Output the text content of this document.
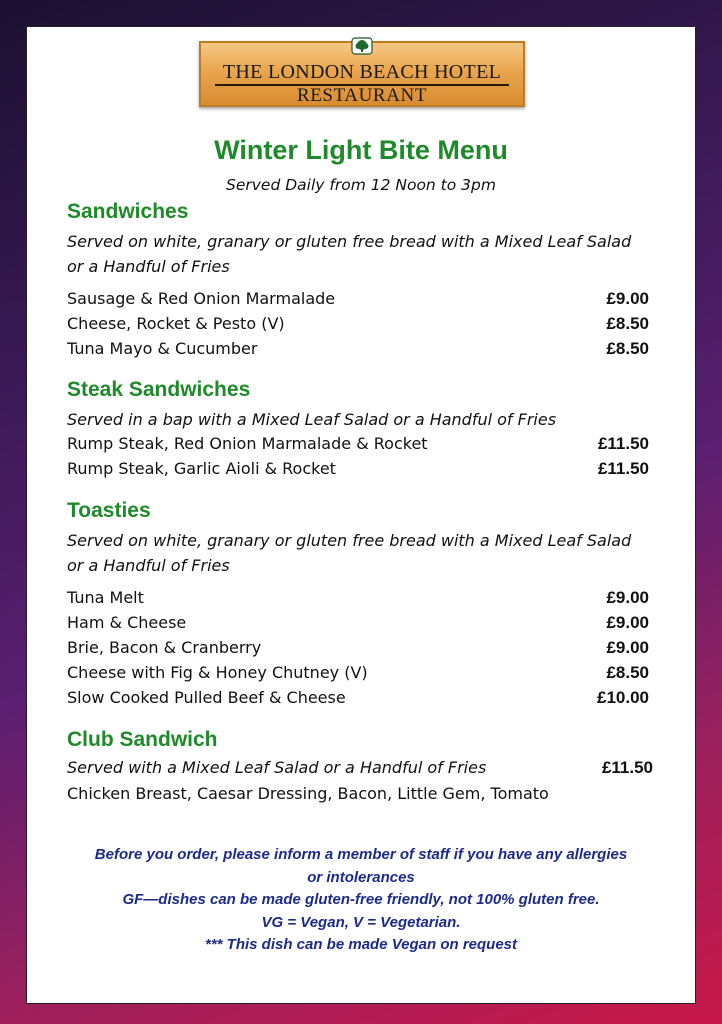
THE LONDON BEACH HOTEL
RESTAURANT
Winter Light Bite Menu
Served Daily from 12 Noon to 3pm
Sandwiches
Served on white, granary or gluten free bread with a Mixed Leaf Salad
or a Handful of Fries
Sausage & Red Onion Marmalade	£9.00
Cheese, Rocket & Pesto (V)	£8.50
Tuna Mayo & Cucumber	£8.50
Steak Sandwiches
Served in a bap with a Mixed Leaf Salad or a Handful of Fries
Rump Steak, Red Onion Marmalade & Rocket	£11.50
Rump Steak, Garlic Aioli & Rocket	£11.50
Toasties
Served on white, granary or gluten free bread with a Mixed Leaf Salad
or a Handful of Fries
Tuna Melt	£9.00
Ham & Cheese	£9.00
Brie, Bacon & Cranberry	£9.00
Cheese with Fig & Honey Chutney (V)	£8.50
Slow Cooked Pulled Beef & Cheese	£10.00
Club Sandwich
Served with a Mixed Leaf Salad or a Handful of Fries	£11.50
Chicken Breast, Caesar Dressing, Bacon, Little Gem, Tomato
Before you order, please inform a member of staff if you have any allergies
or intolerances
GF—dishes can be made gluten-free friendly, not 100% gluten free.
VG = Vegan, V = Vegetarian.
*** This dish can be made Vegan on request
